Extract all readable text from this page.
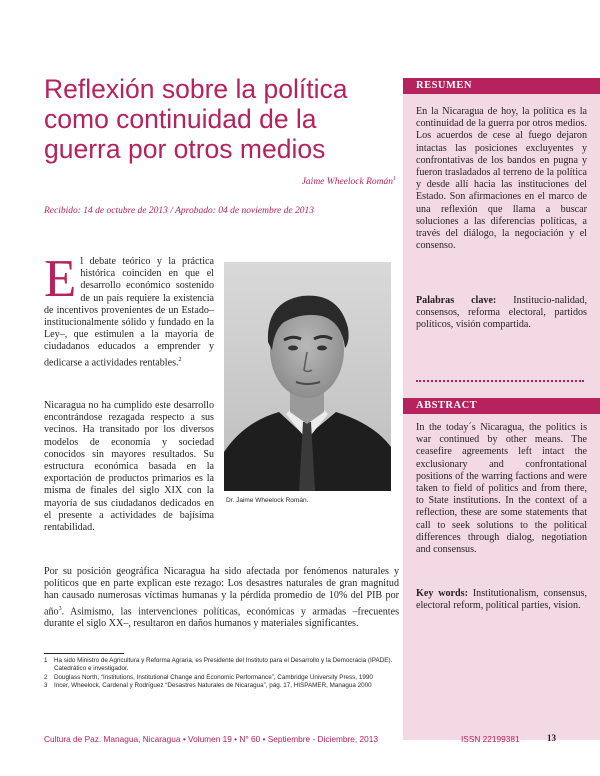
Reflexión sobre la política como continuidad de la guerra por otros medios
Jaime Wheelock Román$^1$
Recibido: 14 de octubre de 2013 / Aprobado: 04 de noviembre de 2013

El debate teórico y la práctica histórica coinciden en que el desarrollo económico sostenido de un país requiere la existencia de incentivos provenientes de un Estado–institucionalmente sólido y fundado en la Ley–, que estimulen a la mayoría de ciudadanos educados a emprender y dedicarse a actividades rentables.$^2$

Dr. Jaime Wheelock Román.

Nicaragua no ha cumplido este desarrollo encontrándose rezagada respecto a sus vecinos. Ha transitado por los diversos modelos de economía y sociedad conocidos sin mayores resultados. Su estructura económica basada en la exportación de productos primarios es la misma de finales del siglo XIX con la mayoría de sus ciudadanos dedicados en el presente a actividades de bajísima rentabilidad.

Por su posición geográfica Nicaragua ha sido afectada por fenómenos naturales y políticos que en parte explican este rezago: Los desastres naturales de gran magnitud han causado numerosas víctimas humanas y la pérdida promedio de 10% del PIB por año$^3$. Asimismo, las intervenciones políticas, económicas y armadas –frecuentes durante el siglo XX–, resultaron en daños humanos y materiales significantes.

RESUMEN

En la Nicaragua de hoy, la política es la continuidad de la guerra por otros medios. Los acuerdos de cese al fuego dejaron intactas las posiciones excluyentes y confrontativas de los bandos en pugna y fueron trasladados al terreno de la política y desde allí hacia las instituciones del Estado. Son afirmaciones en el marco de una reflexión que llama a buscar soluciones a las diferencias políticas, a través del diálogo, la negociación y el consenso.

Palabras clave: Institucio-nalidad, consensos, reforma electoral, partidos políticos, visión compartida.

ABSTRACT

In the today´s Nicaragua, the politics is war continued by other means. The ceasefire agreements left intact the exclusionary and confrontational positions of the warring factions and were taken to field of politics and from there, to State institutions. In the context of a reflection, these are some statements that call to seek solutions to the political differences through dialog, negotiation and consensus.

Key words: Institutionalism, consensus, electoral reform, political parties, vision.

1	Ha sido Ministro de Agricultura y Reforma Agraria, es Presidente del Instituto para el Desarrollo y la Democracia (IPADE). Catedrático e investigador.
2	Douglass North, “Institutions, Institutional Change and Economic Performance”, Cambridge University Press, 1990
3	Incer, Wheelock, Cardenal y Rodríguez “Desastres Naturales de Nicaragua”, pág. 17, HISPAMER, Managua 2000
Cultura de Paz. Managua, Nicaragua • Volumen 19 • N° 60 • Septiembre - Diciembre, 2013	ISSN 22199381	13
